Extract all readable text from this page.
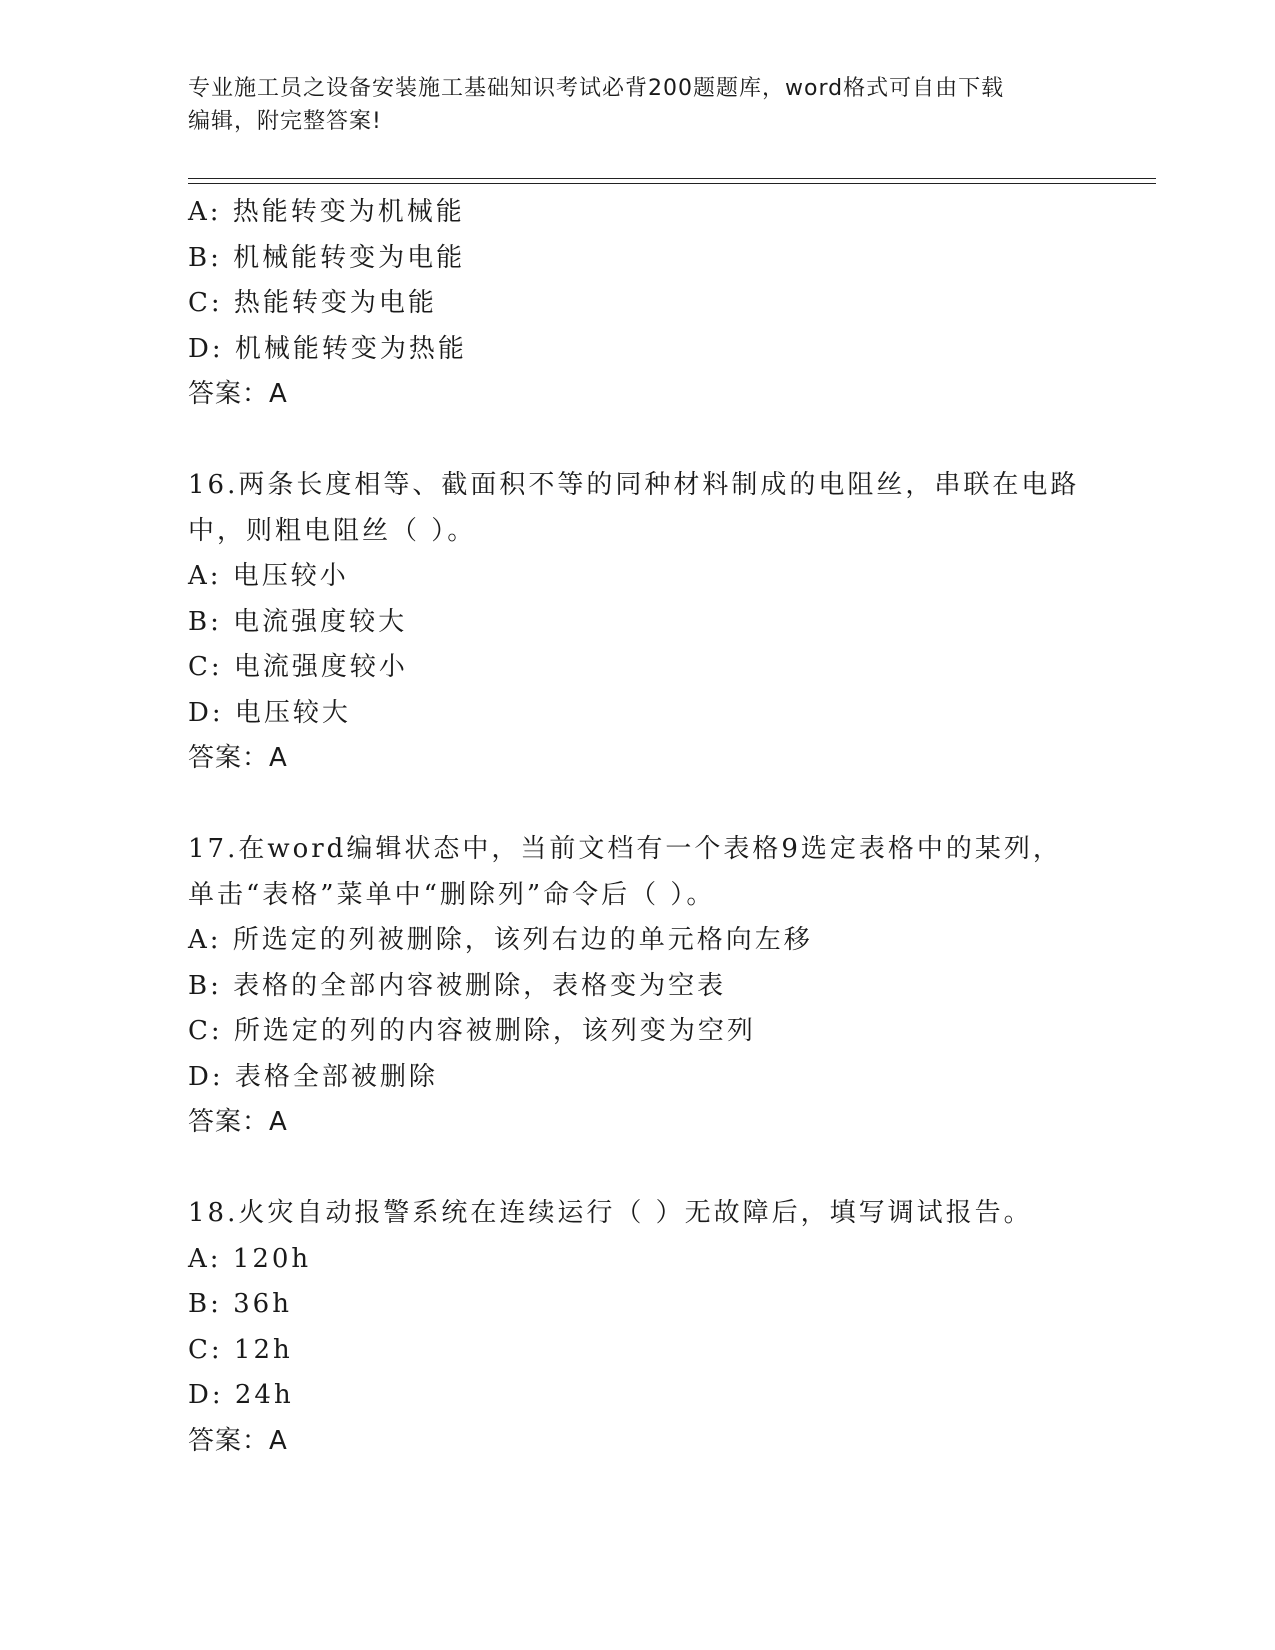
专业施工员之设备安装施工基础知识考试必背200题题库，word格式可自由下载
编辑，附完整答案!
A: 热能转变为机械能
B: 机械能转变为电能
C: 热能转变为电能
D: 机械能转变为热能
答案：A
16.两条长度相等、截面积不等的同种材料制成的电阻丝，串联在电路
中，则粗电阻丝（ ）。
A: 电压较小
B: 电流强度较大
C: 电流强度较小
D: 电压较大
答案：A
17.在word编辑状态中，当前文档有一个表格9选定表格中的某列，
单击“表格”菜单中“删除列”命令后（ ）。
A: 所选定的列被删除，该列右边的单元格向左移
B: 表格的全部内容被删除，表格变为空表
C: 所选定的列的内容被删除，该列变为空列
D: 表格全部被删除
答案：A
18.火灾自动报警系统在连续运行（ ）无故障后，填写调试报告。
A: 120h
B: 36h
C: 12h
D: 24h
答案：A
